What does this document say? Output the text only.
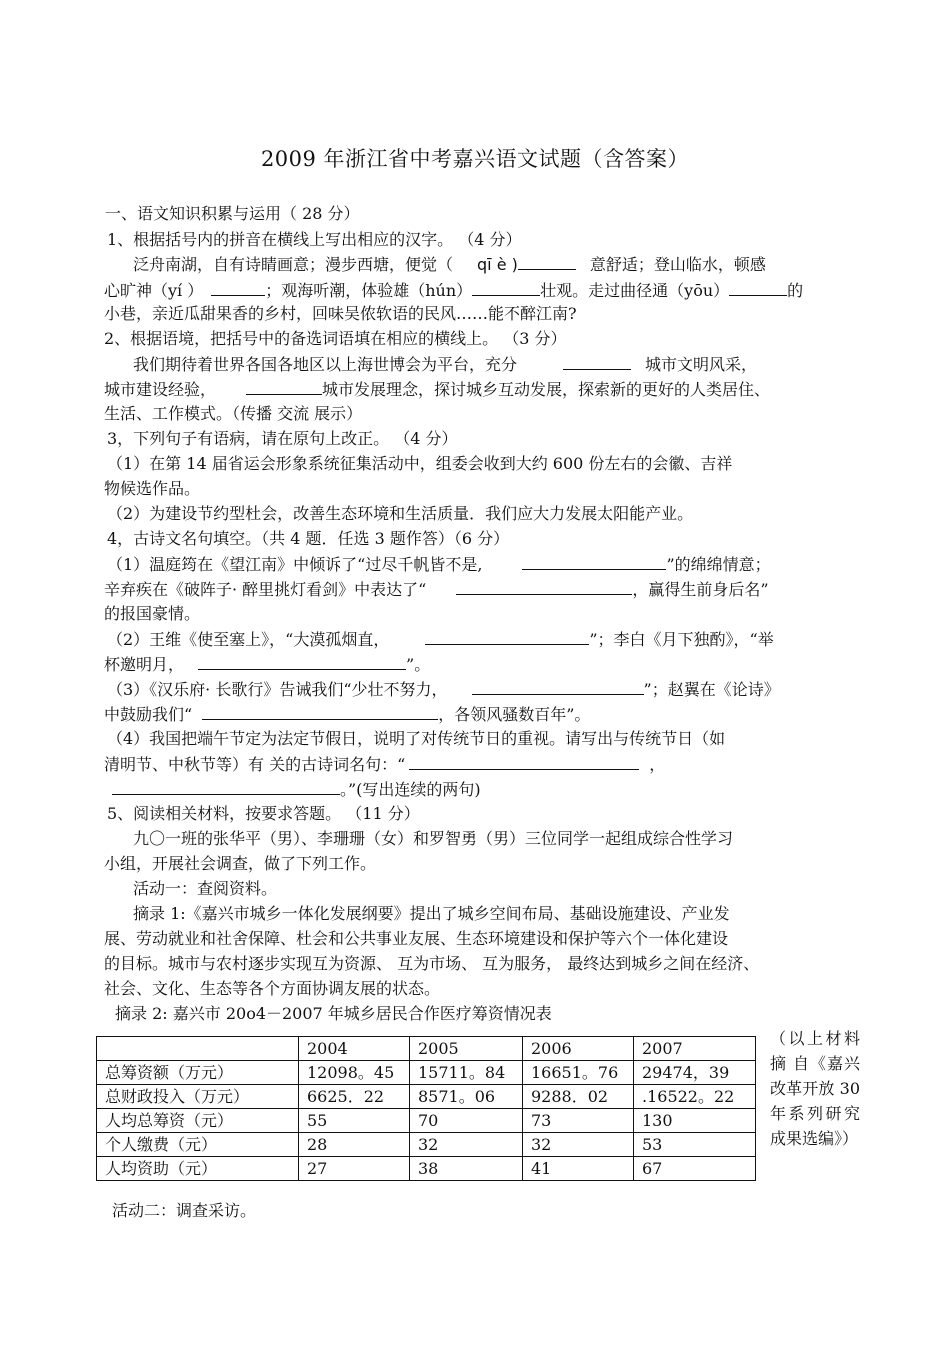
2009 年浙江省中考嘉兴语文试题（含答案）
一、语文知识积累与运用（ 28 分）
1、根据括号内的拼音在横线上写出相应的汉字。 （4 分）
泛舟南湖，自有诗睛画意；漫步西塘，便觉（ qī è )	意舒适；登山临水，顿感
心旷神（yí ）	；观海听潮，体验雄（hún）	壮观。走过曲径通（yōu）	的
小巷，亲近瓜甜果香的乡村，回味吴侬软语的民风……能不醉江南?
2、根据语境，把括号中的备选词语填在相应的横线上。 （3 分）
我们期待着世界各国各地区以上海世博会为平台，充分	城市文明风采，
城市建设经验，	城市发展理念，探讨城乡互动发展，探索新的更好的人类居住、
生活、工作模式。（传播 交流 展示）
3，下列句子有语病，请在原句上改正。 （4 分）
（1）在第 14 届省运会形象系统征集活动中，组委会收到大约 600 份左右的会徽、吉祥
物候选作品。
（2）为建设节约型杜会，改善生态环境和生活质量．我们应大力发展太阳能产业。
4，古诗文名句填空。（共 4 题．任选 3 题作答）（6 分）
（1）温庭筠在《望江南》中倾诉了“过尽千帆皆不是,	”的绵绵情意；
辛弃疾在《破阵子· 醉里挑灯看剑》中表达了“	，赢得生前身后名”
的报国豪情。
（2）王维《使至塞上》，“大漠孤烟直，	”；李白《月下独酌》，“举
杯邀明月，	”。
（3）《汉乐府· 长歌行》告诫我们“少壮不努力，	”；赵翼在《论诗》
中鼓励我们“	，各领风骚数百年”。
（4）我国把端午节定为法定节假日，说明了对传统节日的重视。请写出与传统节日（如
清明节、中秋节等）有 关的古诗词名句：“	，
。”(写出连续的两句)
5、阅读相关材料，按要求答题。 （11 分）
九〇一班的张华平（男）、李珊珊（女）和罗智勇（男）三位同学一起组成综合性学习
小组，开展社会调查，做了下列工作。
活动一：查阅资料。
摘录 1:《嘉兴市城乡一体化发展纲要》提出了城乡空间布局、基础设施建设、产业发
展、劳动就业和社舍保障、杜会和公共事业友展、生态环境建设和保护等六个一体化建设
的目标。城市与农村逐步实现互为资源、 互为市场、 互为服务， 最终达到城乡之间在经济、
社会、文化、生态等各个方面协调友展的状态。
摘录 2: 嘉兴市 20o4－2007 年城乡居民合作医疗筹资情况表
	2004	2005	2006	2007
总筹资额（万元）	12098。45	15711。84	16651。76	29474，39
总财政投入（万元）	6625．22	8571。06	9288．02	.16522。22
人均总筹资（元）	55	70	73	130
个人缴费（元）	28	32	32	53
人均资助（元）	27	38	41	67
（以上材料 摘 自《嘉兴改革开放 30 年系列研究成果选编》）
活动二：调查采访。
